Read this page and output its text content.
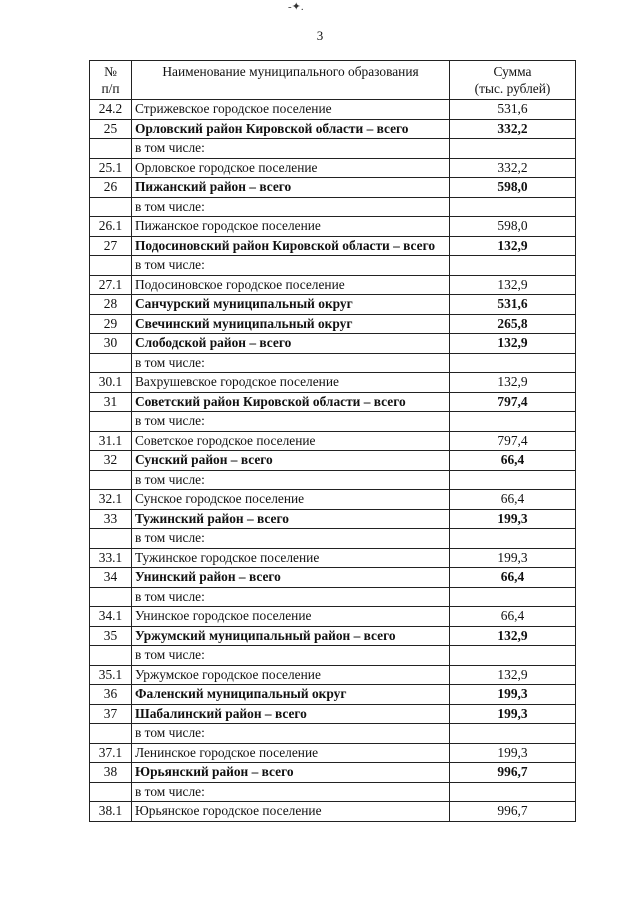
-✦.
3
№
п/п	Наименование муниципального образования	Сумма
(тыс. рублей)
24.2	Стрижевское городское поселение	531,6
25	Орловский район Кировской области – всего	332,2
	в том числе:	
25.1	Орловское городское поселение	332,2
26	Пижанский район – всего	598,0
	в том числе:	
26.1	Пижанское городское поселение	598,0
27	Подосиновский район Кировской области – всего	132,9
	в том числе:	
27.1	Подосиновское городское поселение	132,9
28	Санчурский муниципальный округ	531,6
29	Свечинский муниципальный округ	265,8
30	Слободской район – всего	132,9
	в том числе:	
30.1	Вахрушевское городское поселение	132,9
31	Советский район Кировской области – всего	797,4
	в том числе:	
31.1	Советское городское поселение	797,4
32	Сунский район – всего	66,4
	в том числе:	
32.1	Сунское городское поселение	66,4
33	Тужинский район – всего	199,3
	в том числе:	
33.1	Тужинское городское поселение	199,3
34	Унинский район – всего	66,4
	в том числе:	
34.1	Унинское городское поселение	66,4
35	Уржумский муниципальный район – всего	132,9
	в том числе:	
35.1	Уржумское городское поселение	132,9
36	Фаленский муниципальный округ	199,3
37	Шабалинский район – всего	199,3
	в том числе:	
37.1	Ленинское городское поселение	199,3
38	Юрьянский район – всего	996,7
	в том числе:	
38.1	Юрьянское городское поселение	996,7
